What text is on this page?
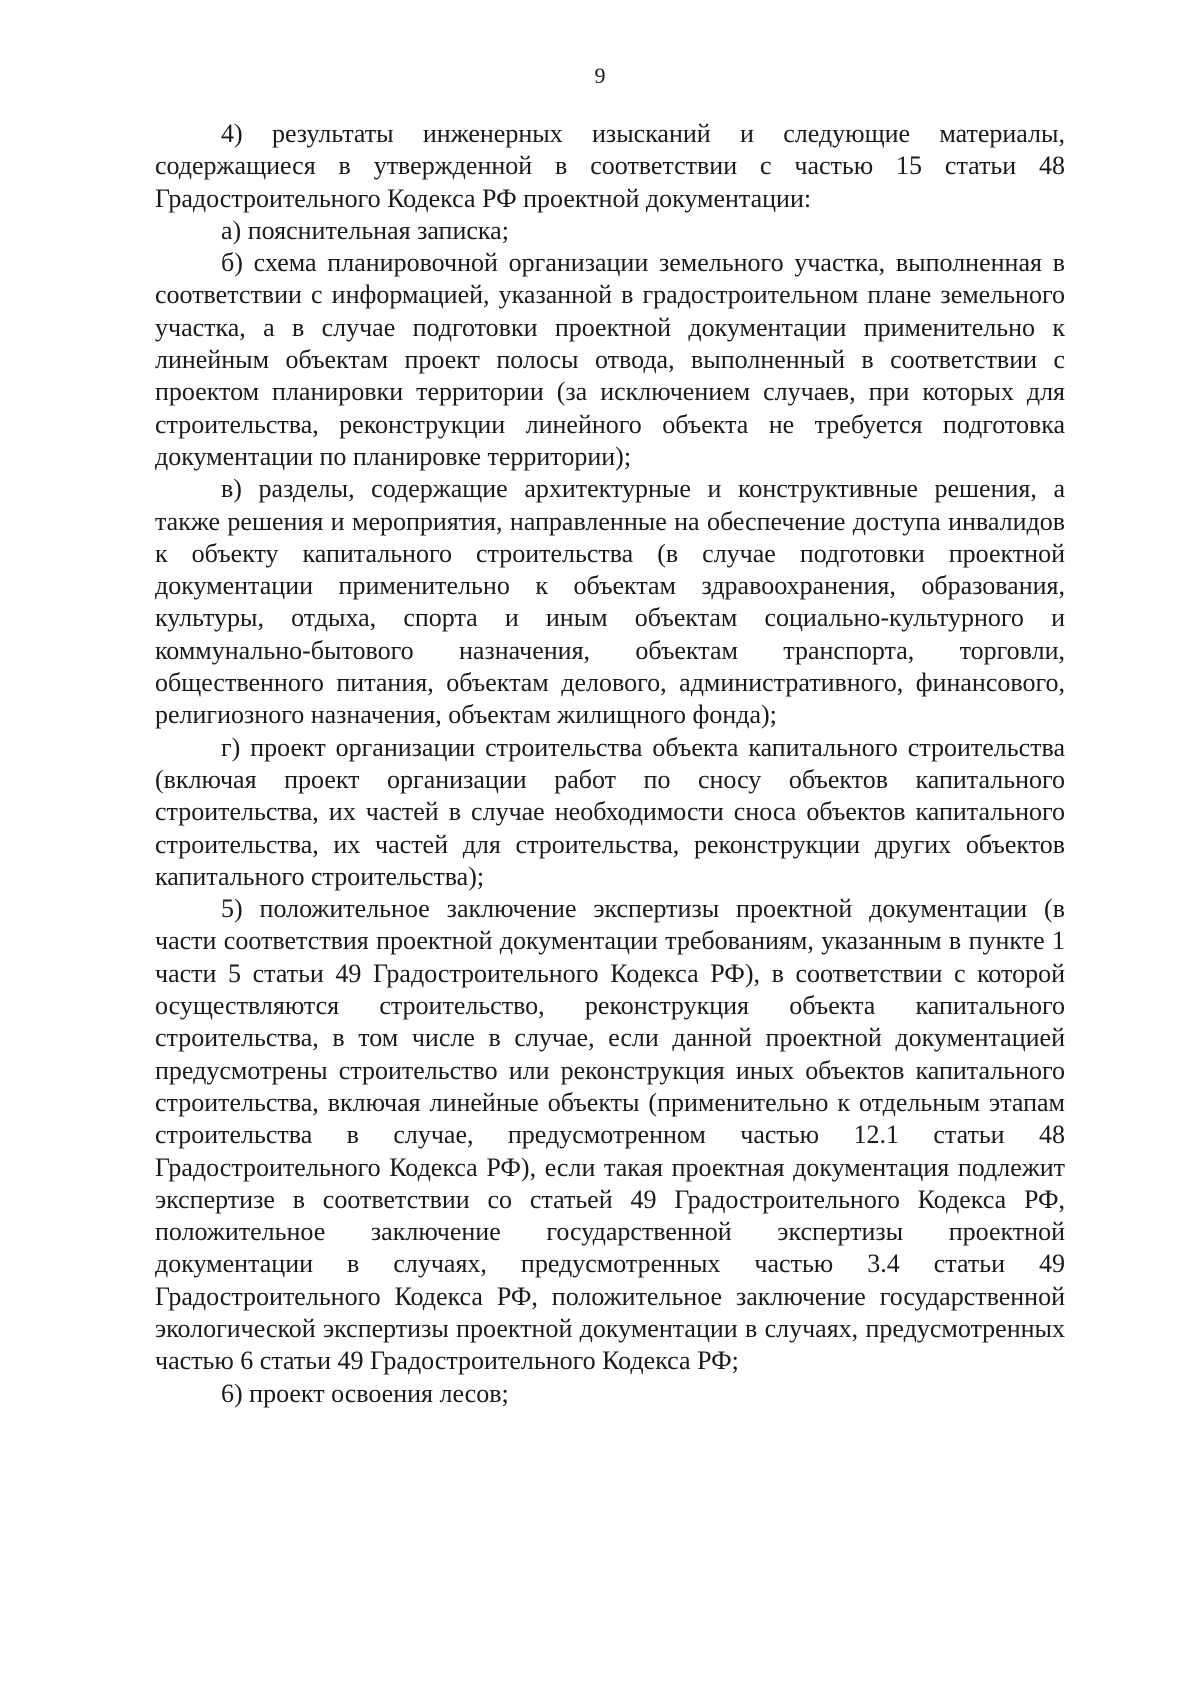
9

4) результаты инженерных изысканий и следующие материалы, содержащиеся в утвержденной в соответствии с частью 15 статьи 48 Градостроительного Кодекса РФ проектной документации:

а) пояснительная записка;

б) схема планировочной организации земельного участка, выполненная в соответствии с информацией, указанной в градостроительном плане земельного участка, а в случае подготовки проектной документации применительно к линейным объектам проект полосы отвода, выполненный в соответствии с проектом планировки территории (за исключением случаев, при которых для строительства, реконструкции линейного объекта не требуется подготовка документации по планировке территории);

в) разделы, содержащие архитектурные и конструктивные решения, а также решения и мероприятия, направленные на обеспечение доступа инвалидов к объекту капитального строительства (в случае подготовки проектной документации применительно к объектам здравоохранения, образования, культуры, отдыха, спорта и иным объектам социально-культурного и коммунально-бытового назначения, объектам транспорта, торговли, общественного питания, объектам делового, административного, финансового, религиозного назначения, объектам жилищного фонда);

г) проект организации строительства объекта капитального строительства (включая проект организации работ по сносу объектов капитального строительства, их частей в случае необходимости сноса объектов капитального строительства, их частей для строительства, реконструкции других объектов капитального строительства);

5) положительное заключение экспертизы проектной документации (в части соответствия проектной документации требованиям, указанным в пункте 1 части 5 статьи 49 Градостроительного Кодекса РФ), в соответствии с которой осуществляются строительство, реконструкция объекта капитального строительства, в том числе в случае, если данной проектной документацией предусмотрены строительство или реконструкция иных объектов капитального строительства, включая линейные объекты (применительно к отдельным этапам строительства в случае, предусмотренном частью 12.1 статьи 48 Градостроительного Кодекса РФ), если такая проектная документация подлежит экспертизе в соответствии со статьей 49 Градостроительного Кодекса РФ, положительное заключение государственной экспертизы проектной документации в случаях, предусмотренных частью 3.4 статьи 49 Градостроительного Кодекса РФ, положительное заключение государственной экологической экспертизы проектной документации в случаях, предусмотренных частью 6 статьи 49 Градостроительного Кодекса РФ;

6) проект освоения лесов;
